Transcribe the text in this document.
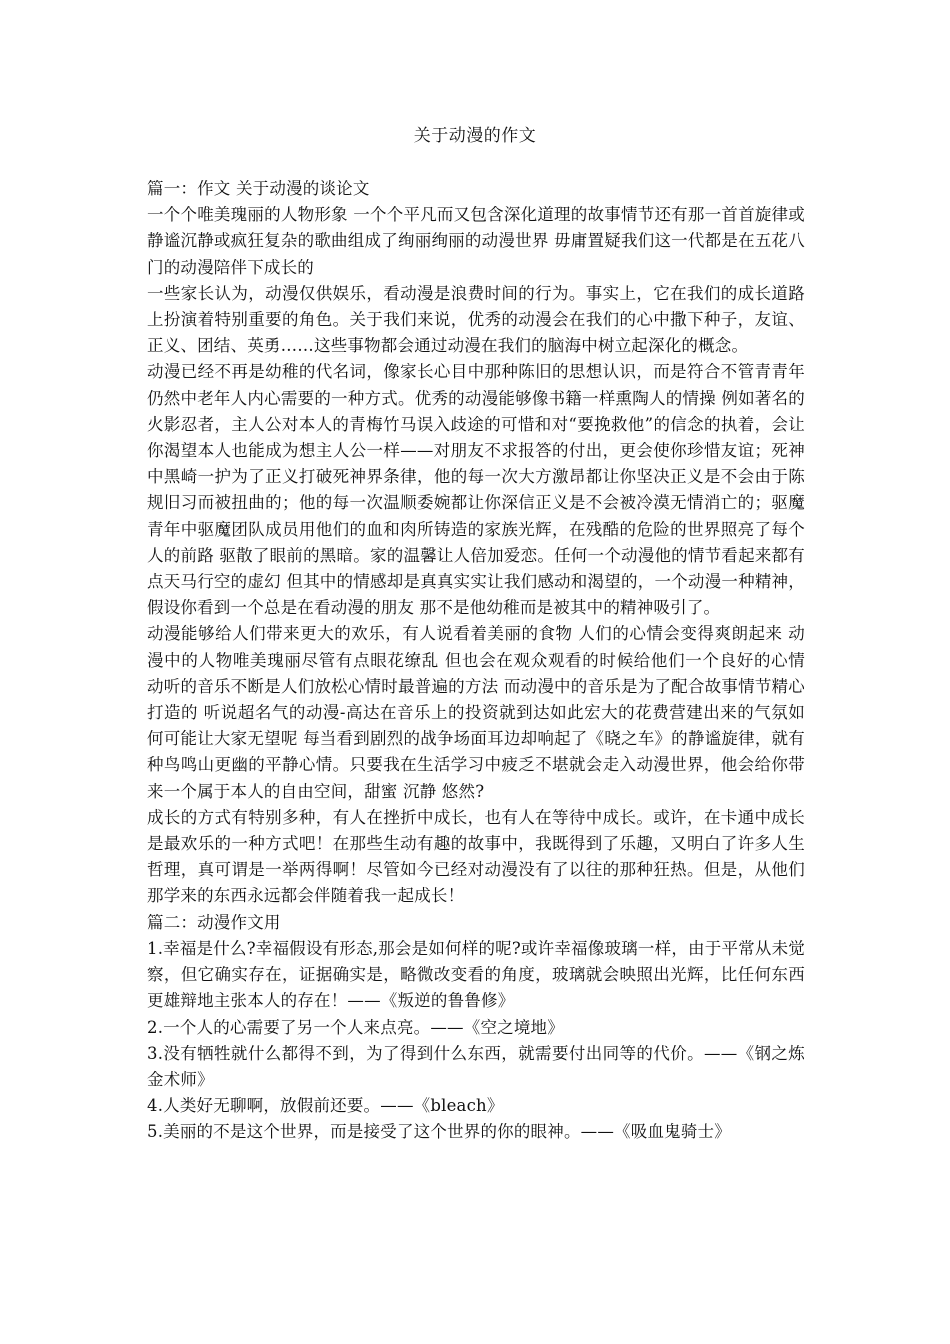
关于动漫的作文

篇一：作文 关于动漫的谈论文

一个个唯美瑰丽的人物形象 一个个平凡而又包含深化道理的故事情节还有那一首首旋律或静谧沉静或疯狂复杂的歌曲组成了绚丽绚丽的动漫世界 毋庸置疑我们这一代都是在五花八门的动漫陪伴下成长的

一些家长认为，动漫仅供娱乐，看动漫是浪费时间的行为。事实上，它在我们的成长道路上扮演着特别重要的角色。关于我们来说，优秀的动漫会在我们的心中撒下种子，友谊、正义、团结、英勇……这些事物都会通过动漫在我们的脑海中树立起深化的概念。

动漫已经不再是幼稚的代名词，像家长心目中那种陈旧的思想认识，而是符合不管青青年仍然中老年人内心需要的一种方式。优秀的动漫能够像书籍一样熏陶人的情操 例如著名的火影忍者，主人公对本人的青梅竹马误入歧途的可惜和对“要挽救他”的信念的执着，会让你渴望本人也能成为想主人公一样——对朋友不求报答的付出，更会使你珍惜友谊；死神中黑崎一护为了正义打破死神界条律，他的每一次大方激昂都让你坚决正义是不会由于陈规旧习而被扭曲的；他的每一次温顺委婉都让你深信正义是不会被冷漠无情消亡的；驱魔青年中驱魔团队成员用他们的血和肉所铸造的家族光辉，在残酷的危险的世界照亮了每个人的前路 驱散了眼前的黑暗。家的温馨让人倍加爱恋。任何一个动漫他的情节看起来都有点天马行空的虚幻 但其中的情感却是真真实实让我们感动和渴望的，一个动漫一种精神，假设你看到一个总是在看动漫的朋友 那不是他幼稚而是被其中的精神吸引了。

动漫能够给人们带来更大的欢乐，有人说看着美丽的食物 人们的心情会变得爽朗起来 动漫中的人物唯美瑰丽尽管有点眼花缭乱 但也会在观众观看的时候给他们一个良好的心情 动听的音乐不断是人们放松心情时最普遍的方法 而动漫中的音乐是为了配合故事情节精心打造的 听说超名气的动漫-高达在音乐上的投资就到达如此宏大的花费营建出来的气氛如何可能让大家无望呢 每当看到剧烈的战争场面耳边却响起了《晓之车》的静谧旋律，就有种鸟鸣山更幽的平静心情。只要我在生活学习中疲乏不堪就会走入动漫世界，他会给你带来一个属于本人的自由空间，甜蜜 沉静 悠然?

成长的方式有特别多种，有人在挫折中成长，也有人在等待中成长。或许，在卡通中成长是最欢乐的一种方式吧！在那些生动有趣的故事中，我既得到了乐趣，又明白了许多人生哲理，真可谓是一举两得啊！尽管如今已经对动漫没有了以往的那种狂热。但是，从他们那学来的东西永远都会伴随着我一起成长！

篇二：动漫作文用

1.幸福是什么?幸福假设有形态,那会是如何样的呢?或许幸福像玻璃一样，由于平常从未觉察，但它确实存在，证据确实是，略微改变看的角度，玻璃就会映照出光辉，比任何东西更雄辩地主张本人的存在！——《叛逆的鲁鲁修》

2.一个人的心需要了另一个人来点亮。——《空之境地》

3.没有牺牲就什么都得不到，为了得到什么东西，就需要付出同等的代价。——《钢之炼金术师》

4.人类好无聊啊，放假前还要。——《bleach》

5.美丽的不是这个世界，而是接受了这个世界的你的眼神。——《吸血鬼骑士》
